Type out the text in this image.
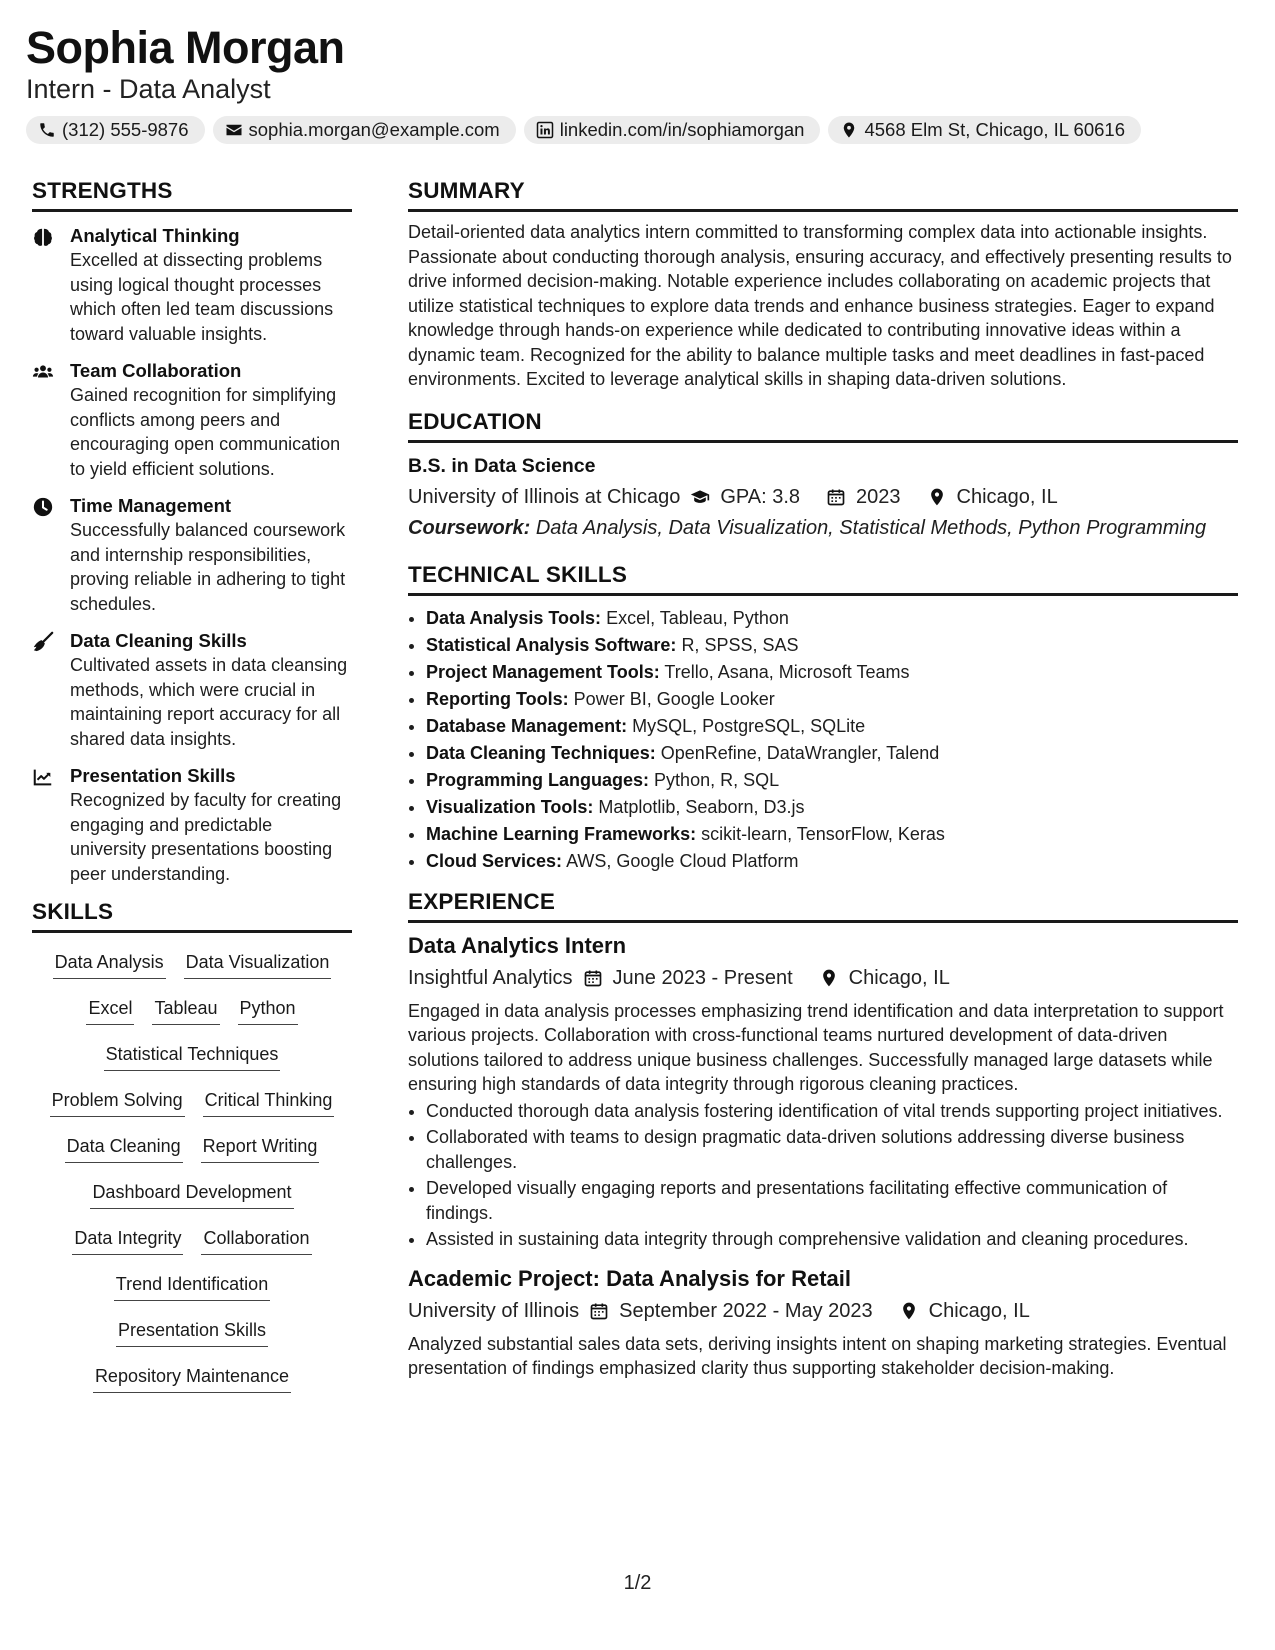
Sophia Morgan
Intern - Data Analyst
(312) 555-9876	sophia.morgan@example.com	linkedin.com/in/sophiamorgan	4568 Elm St, Chicago, IL 60616
STRENGTHS
Analytical Thinking
Excelled at dissecting problems using logical thought processes which often led team discussions toward valuable insights.
Team Collaboration
Gained recognition for simplifying conflicts among peers and encouraging open communication to yield efficient solutions.
Time Management
Successfully balanced coursework and internship responsibilities, proving reliable in adhering to tight schedules.
Data Cleaning Skills
Cultivated assets in data cleansing methods, which were crucial in maintaining report accuracy for all shared data insights.
Presentation Skills
Recognized by faculty for creating engaging and predictable university presentations boosting peer understanding.
SKILLS
Data Analysis Data Visualization
Excel Tableau Python
Statistical Techniques
Problem Solving Critical Thinking
Data Cleaning Report Writing
Dashboard Development
Data Integrity Collaboration
Trend Identification
Presentation Skills
Repository Maintenance
SUMMARY
Detail-oriented data analytics intern committed to transforming complex data into actionable insights. Passionate about conducting thorough analysis, ensuring accuracy, and effectively presenting results to drive informed decision-making. Notable experience includes collaborating on academic projects that utilize statistical techniques to explore data trends and enhance business strategies. Eager to expand knowledge through hands-on experience while dedicated to contributing innovative ideas within a dynamic team. Recognized for the ability to balance multiple tasks and meet deadlines in fast-paced environments. Excited to leverage analytical skills in shaping data-driven solutions.
EDUCATION
B.S. in Data Science
University of Illinois at Chicago GPA: 3.8	2023	Chicago, IL
Coursework: Data Analysis, Data Visualization, Statistical Methods, Python Programming
TECHNICAL SKILLS
• Data Analysis Tools: Excel, Tableau, Python
• Statistical Analysis Software: R, SPSS, SAS
• Project Management Tools: Trello, Asana, Microsoft Teams
• Reporting Tools: Power BI, Google Looker
• Database Management: MySQL, PostgreSQL, SQLite
• Data Cleaning Techniques: OpenRefine, DataWrangler, Talend
• Programming Languages: Python, R, SQL
• Visualization Tools: Matplotlib, Seaborn, D3.js
• Machine Learning Frameworks: scikit-learn, TensorFlow, Keras
• Cloud Services: AWS, Google Cloud Platform
EXPERIENCE
Data Analytics Intern
Insightful Analytics June 2023 - Present	Chicago, IL
Engaged in data analysis processes emphasizing trend identification and data interpretation to support various projects. Collaboration with cross-functional teams nurtured development of data-driven solutions tailored to address unique business challenges. Successfully managed large datasets while ensuring high standards of data integrity through rigorous cleaning practices.
• Conducted thorough data analysis fostering identification of vital trends supporting project initiatives.
• Collaborated with teams to design pragmatic data-driven solutions addressing diverse business challenges.
• Developed visually engaging reports and presentations facilitating effective communication of findings.
• Assisted in sustaining data integrity through comprehensive validation and cleaning procedures.
Academic Project: Data Analysis for Retail
University of Illinois September 2022 - May 2023	Chicago, IL
Analyzed substantial sales data sets, deriving insights intent on shaping marketing strategies. Eventual presentation of findings emphasized clarity thus supporting stakeholder decision-making.
1/2
